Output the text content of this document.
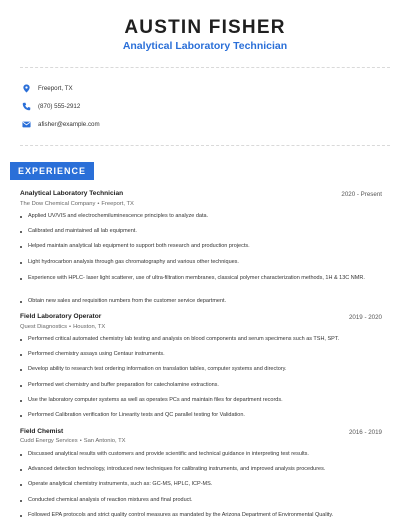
AUSTIN FISHER
Analytical Laboratory Technician
Freeport, TX
(870) 555-2912
afisher@example.com
EXPERIENCE
Analytical Laboratory Technician	2020 - Present
The Dow Chemical Company • Freeport, TX
Applied UV/VIS and electrochemiluminescence principles to analyze data.
Calibrated and maintained all lab equipment.
Helped maintain analytical lab equipment to support both research and production projects.
Light hydrocarbon analysis through gas chromatography and various other techniques.
Experience with HPLC- laser light scatterer, use of ultra-filtration membranes, classical polymer characterization methods, 1H & 13C NMR.
Obtain new sales and requisition numbers from the customer service department.
Field Laboratory Operator	2019 - 2020
Quest Diagnostics • Houston, TX
Performed critical automated chemistry lab testing and analysis on blood components and serum specimens such as TSH, SPT.
Performed chemistry assays using Centaur instruments.
Develop ability to research test ordering information on translation tables, computer systems and directory.
Performed wet chemistry and buffer preparation for catecholamine extractions.
Use the laboratory computer systems as well as operates PCs and maintain files for department records.
Performed Calibration verification for Linearity tests and QC parallel testing for Validation.
Field Chemist	2016 - 2019
Cudd Energy Services • San Antonio, TX
Discussed analytical results with customers and provide scientific and technical guidance in interpreting test results.
Advanced detection technology, introduced new techniques for calibrating instruments, and improved analysis procedures.
Operate analytical chemistry instruments, such as: GC-MS, HPLC, ICP-MS.
Conducted chemical analysis of reaction mixtures and final product.
Followed EPA protocols and strict quality control measures as mandated by the Arizona Department of Environmental Quality.
